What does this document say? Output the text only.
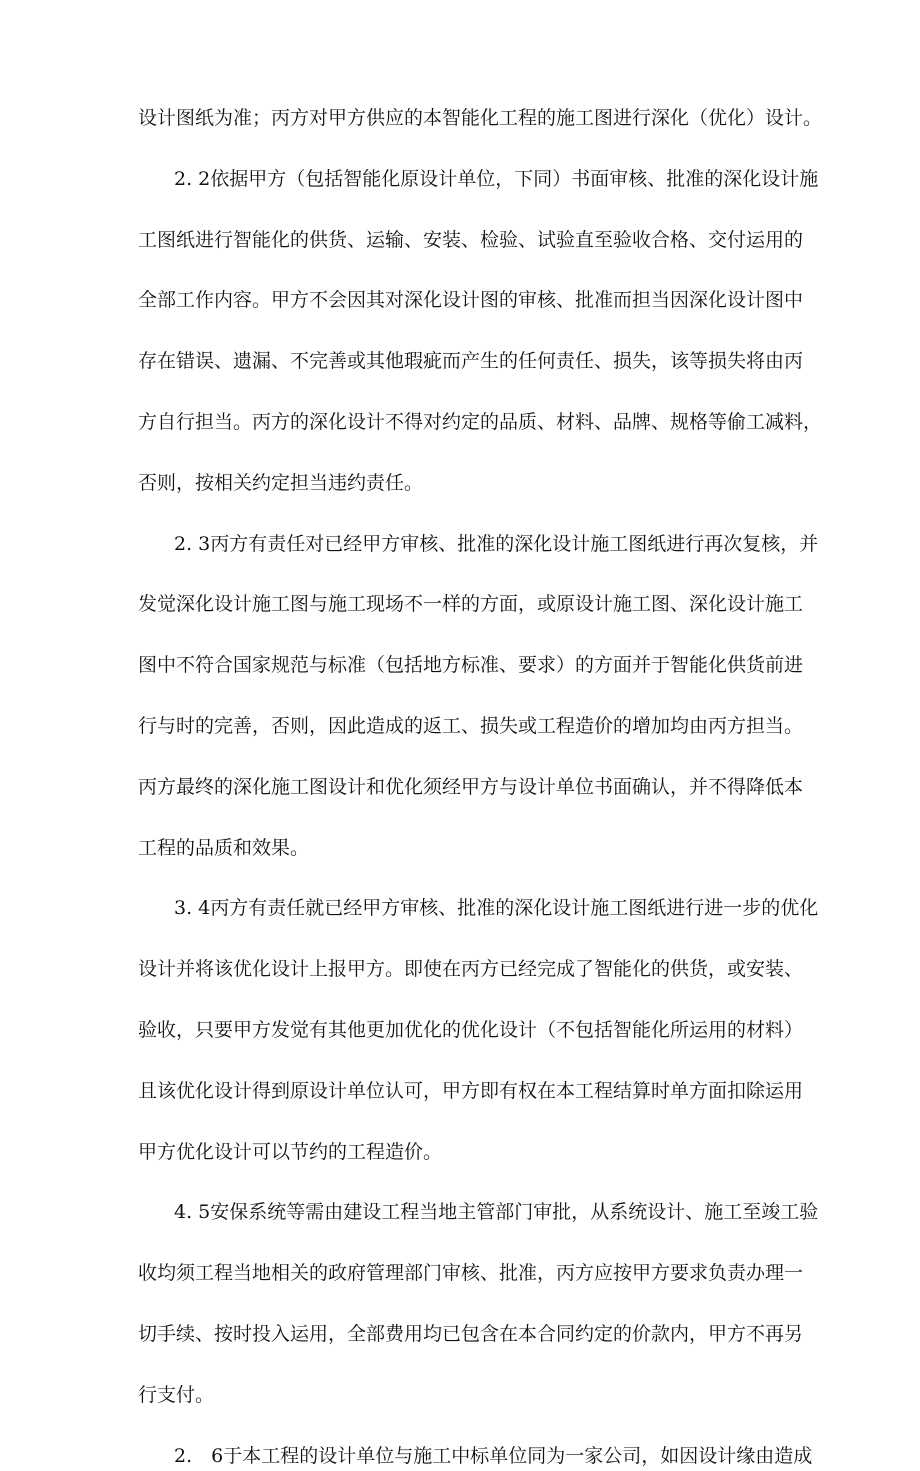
设计图纸为准；丙方对甲方供应的本智能化工程的施工图进行深化（优化）设计。
2. 2依据甲方（包括智能化原设计单位，下同）书面审核、批准的深化设计施
工图纸进行智能化的供货、运输、安装、检验、试验直至验收合格、交付运用的
全部工作内容。甲方不会因其对深化设计图的审核、批准而担当因深化设计图中
存在错误、遗漏、不完善或其他瑕疵而产生的任何责任、损失，该等损失将由丙
方自行担当。丙方的深化设计不得对约定的品质、材料、品牌、规格等偷工减料，
否则，按相关约定担当违约责任。
2. 3丙方有责任对已经甲方审核、批准的深化设计施工图纸进行再次复核，并
发觉深化设计施工图与施工现场不一样的方面，或原设计施工图、深化设计施工
图中不符合国家规范与标准（包括地方标准、要求）的方面并于智能化供货前进
行与时的完善，否则，因此造成的返工、损失或工程造价的增加均由丙方担当。
丙方最终的深化施工图设计和优化须经甲方与设计单位书面确认，并不得降低本
工程的品质和效果。
3. 4丙方有责任就已经甲方审核、批准的深化设计施工图纸进行进一步的优化
设计并将该优化设计上报甲方。即使在丙方已经完成了智能化的供货，或安装、
验收，只要甲方发觉有其他更加优化的优化设计（不包括智能化所运用的材料）
且该优化设计得到原设计单位认可，甲方即有权在本工程结算时单方面扣除运用
甲方优化设计可以节约的工程造价。
4. 5安保系统等需由建设工程当地主管部门审批，从系统设计、施工至竣工验
收均须工程当地相关的政府管理部门审核、批准，丙方应按甲方要求负责办理一
切手续、按时投入运用，全部费用均已包含在本合同约定的价款内，甲方不再另
行支付。
2.　6于本工程的设计单位与施工中标单位同为一家公司，如因设计缘由造成
